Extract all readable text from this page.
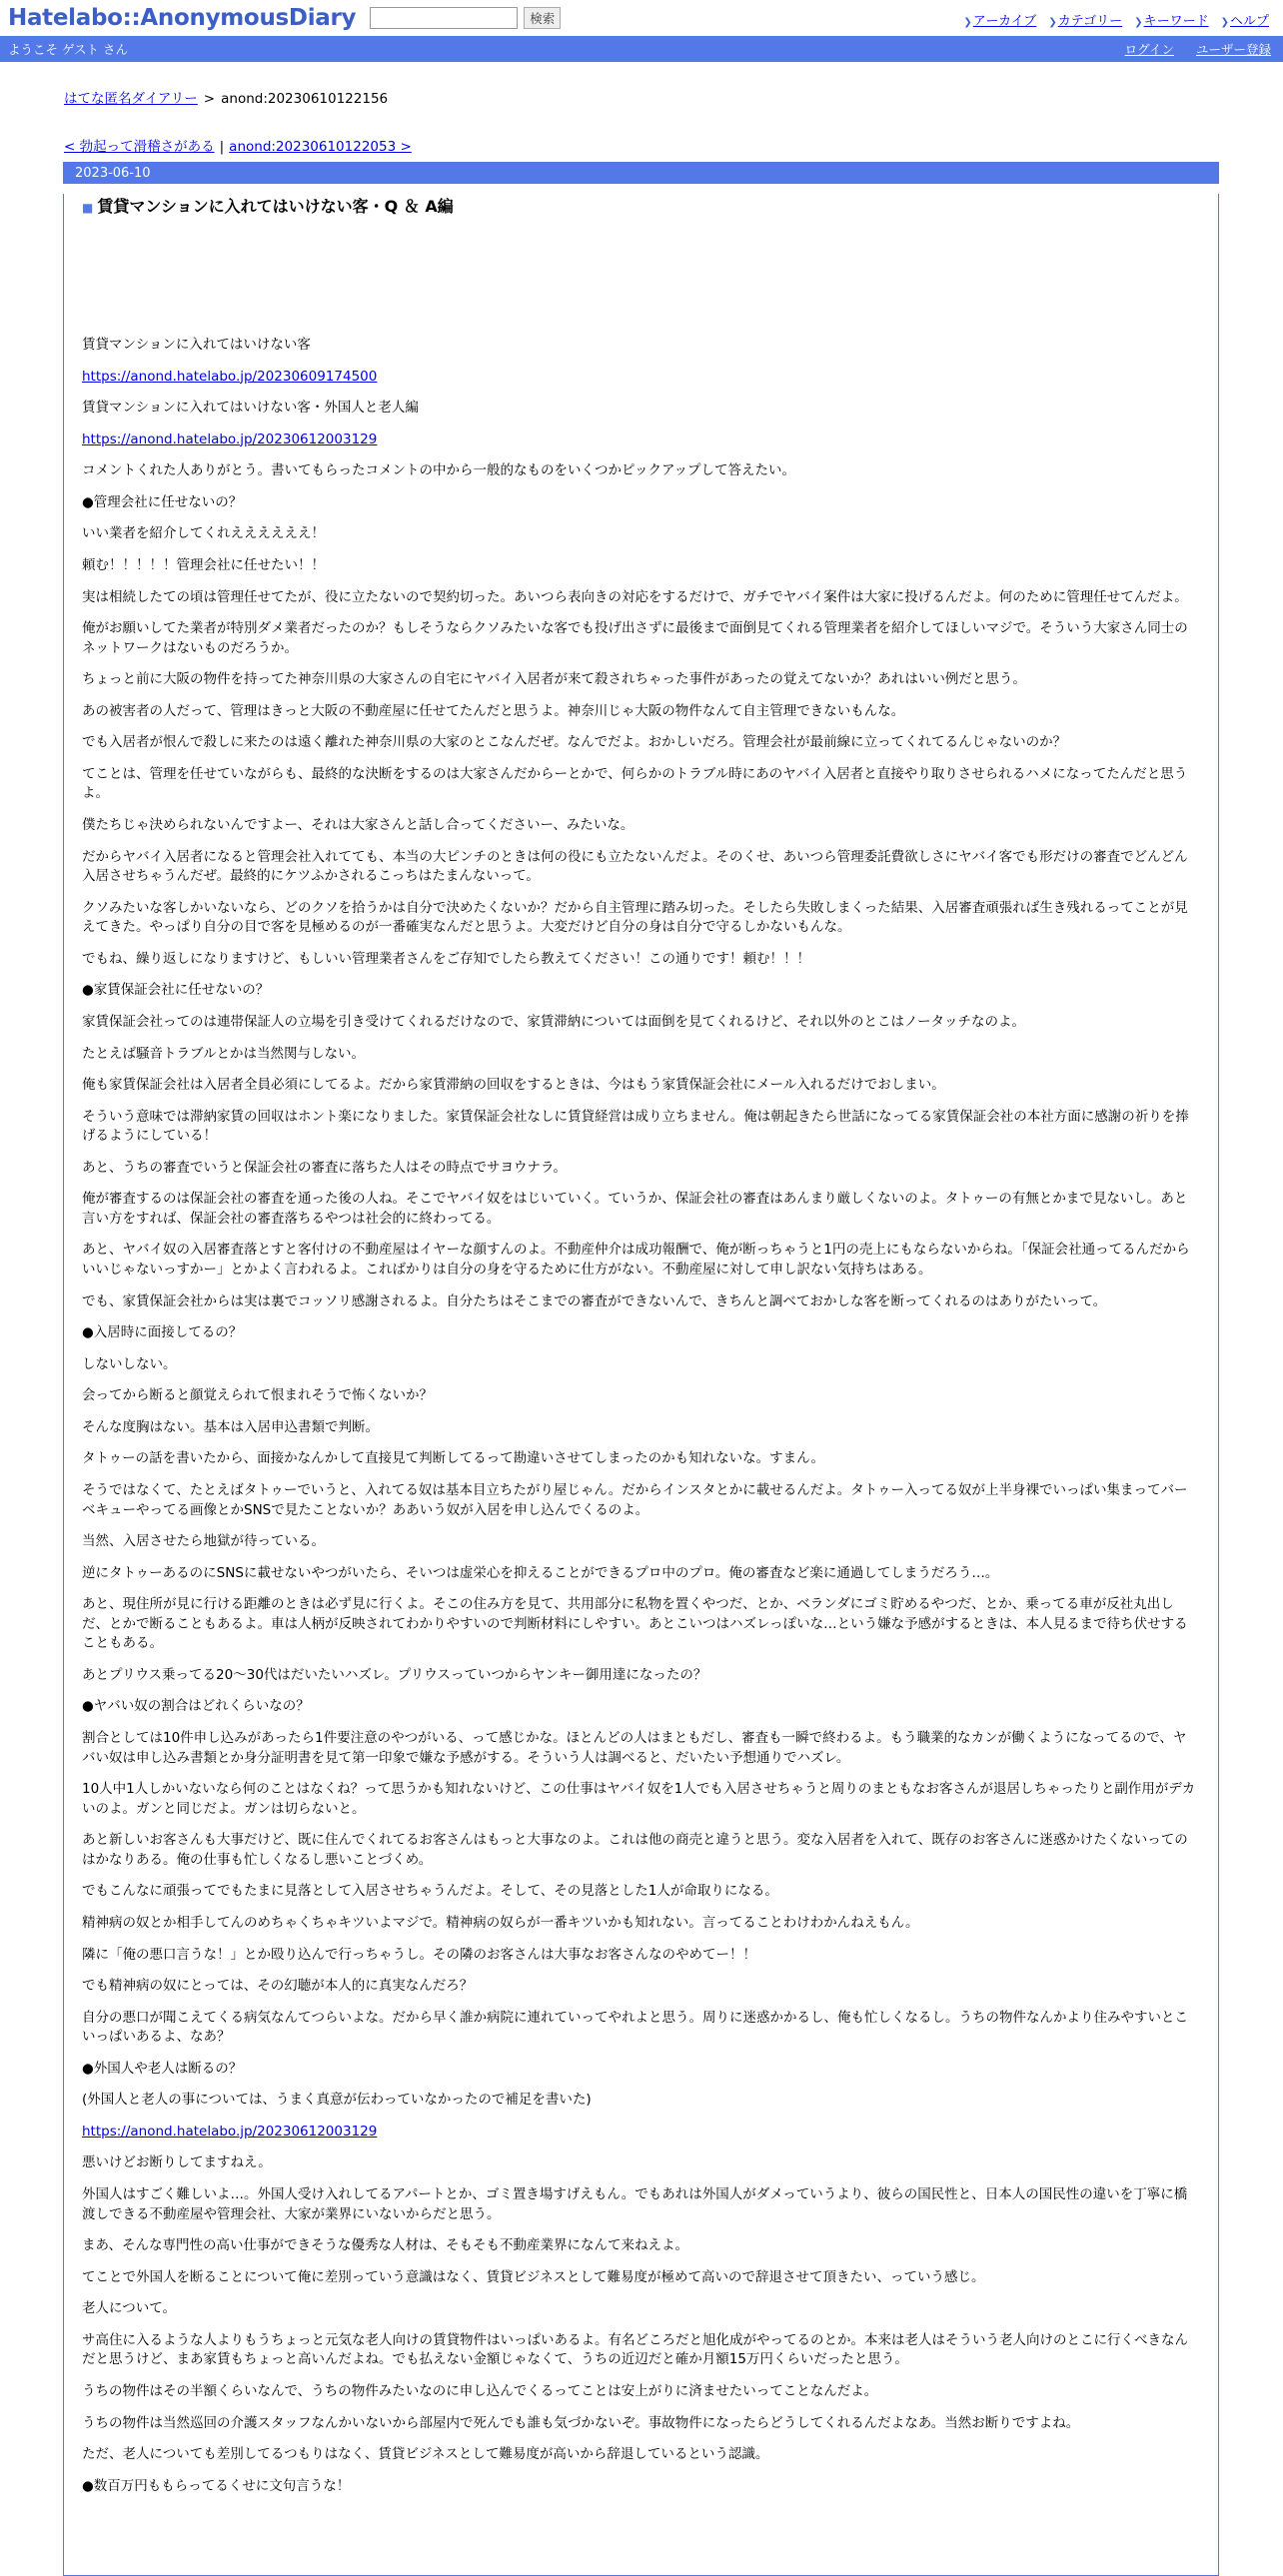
Hatelabo::AnonymousDiary	検索	❯アーカイブ ❯カテゴリー ❯キーワード ❯ヘルプ
ようこそ ゲスト さん	ログイン ユーザー登録
はてな匿名ダイアリー > anond:20230610122156
< 勃起って滑稽さがある | anond:20230610122053 >
2023-06-10
■ 賃貸マンションに入れてはいけない客・Q ＆ A編

賃貸マンションに入れてはいけない客

https://anond.hatelabo.jp/20230609174500

賃貸マンションに入れてはいけない客・外国人と老人編

https://anond.hatelabo.jp/20230612003129

コメントくれた人ありがとう。書いてもらったコメントの中から一般的なものをいくつかピックアップして答えたい。

●管理会社に任せないの？

いい業者を紹介してくれええええええ！

頼む！！！！！管理会社に任せたい！！

実は相続したての頃は管理任せてたが、役に立たないので契約切った。あいつら表向きの対応をするだけで、ガチでヤバイ案件は大家に投げるんだよ。何のために管理任せてんだよ。

俺がお願いしてた業者が特別ダメ業者だったのか？もしそうならクソみたいな客でも投げ出さずに最後まで面倒見てくれる管理業者を紹介してほしいマジで。そういう大家さん同士のネットワークはないものだろうか。

ちょっと前に大阪の物件を持ってた神奈川県の大家さんの自宅にヤバイ入居者が来て殺されちゃった事件があったの覚えてないか？あれはいい例だと思う。

あの被害者の人だって、管理はきっと大阪の不動産屋に任せてたんだと思うよ。神奈川じゃ大阪の物件なんて自主管理できないもんな。

でも入居者が恨んで殺しに来たのは遠く離れた神奈川県の大家のとこなんだぜ。なんでだよ。おかしいだろ。管理会社が最前線に立ってくれてるんじゃないのか？

てことは、管理を任せていながらも、最終的な決断をするのは大家さんだからーとかで、何らかのトラブル時にあのヤバイ入居者と直接やり取りさせられるハメになってたんだと思うよ。

僕たちじゃ決められないんですよー、それは大家さんと話し合ってくださいー、みたいな。

だからヤバイ入居者になると管理会社入れてても、本当の大ピンチのときは何の役にも立たないんだよ。そのくせ、あいつら管理委託費欲しさにヤバイ客でも形だけの審査でどんどん入居させちゃうんだぜ。最終的にケツふかされるこっちはたまんないって。

クソみたいな客しかいないなら、どのクソを拾うかは自分で決めたくないか？だから自主管理に踏み切った。そしたら失敗しまくった結果、入居審査頑張れば生き残れるってことが見えてきた。やっぱり自分の目で客を見極めるのが一番確実なんだと思うよ。大変だけど自分の身は自分で守るしかないもんな。

でもね、繰り返しになりますけど、もしいい管理業者さんをご存知でしたら教えてください！この通りです！頼む！！！

●家賃保証会社に任せないの？

家賃保証会社ってのは連帯保証人の立場を引き受けてくれるだけなので、家賃滞納については面倒を見てくれるけど、それ以外のとこはノータッチなのよ。

たとえば騒音トラブルとかは当然関与しない。

俺も家賃保証会社は入居者全員必須にしてるよ。だから家賃滞納の回収をするときは、今はもう家賃保証会社にメール入れるだけでおしまい。

そういう意味では滞納家賃の回収はホント楽になりました。家賃保証会社なしに賃貸経営は成り立ちません。俺は朝起きたら世話になってる家賃保証会社の本社方面に感謝の祈りを捧げるようにしている！

あと、うちの審査でいうと保証会社の審査に落ちた人はその時点でサヨウナラ。

俺が審査するのは保証会社の審査を通った後の人ね。そこでヤバイ奴をはじいていく。ていうか、保証会社の審査はあんまり厳しくないのよ。タトゥーの有無とかまで見ないし。あと言い方をすれば、保証会社の審査落ちるやつは社会的に終わってる。

あと、ヤバイ奴の入居審査落とすと客付けの不動産屋はイヤーな顔すんのよ。不動産仲介は成功報酬で、俺が断っちゃうと1円の売上にもならないからね。「保証会社通ってるんだからいいじゃないっすかー」とかよく言われるよ。こればかりは自分の身を守るために仕方がない。不動産屋に対して申し訳ない気持ちはある。

でも、家賃保証会社からは実は裏でコッソリ感謝されるよ。自分たちはそこまでの審査ができないんで、きちんと調べておかしな客を断ってくれるのはありがたいって。

●入居時に面接してるの？

しないしない。

会ってから断ると顔覚えられて恨まれそうで怖くないか？

そんな度胸はない。基本は入居申込書類で判断。

タトゥーの話を書いたから、面接かなんかして直接見て判断してるって勘違いさせてしまったのかも知れないな。すまん。

そうではなくて、たとえばタトゥーでいうと、入れてる奴は基本目立ちたがり屋じゃん。だからインスタとかに載せるんだよ。タトゥー入ってる奴が上半身裸でいっぱい集まってバーベキューやってる画像とかSNSで見たことないか？ああいう奴が入居を申し込んでくるのよ。

当然、入居させたら地獄が待っている。

逆にタトゥーあるのにSNSに載せないやつがいたら、そいつは虚栄心を抑えることができるプロ中のプロ。俺の審査など楽に通過してしまうだろう…。

あと、現住所が見に行ける距離のときは必ず見に行くよ。そこの住み方を見て、共用部分に私物を置くやつだ、とか、ベランダにゴミ貯めるやつだ、とか、乗ってる車が反社丸出しだ、とかで断ることもあるよ。車は人柄が反映されてわかりやすいので判断材料にしやすい。あとこいつはハズレっぽいな…という嫌な予感がするときは、本人見るまで待ち伏せすることもある。

あとプリウス乗ってる20～30代はだいたいハズレ。プリウスっていつからヤンキー御用達になったの？

●ヤバい奴の割合はどれくらいなの？

割合としては10件申し込みがあったら1件要注意のやつがいる、って感じかな。ほとんどの人はまともだし、審査も一瞬で終わるよ。もう職業的なカンが働くようになってるので、ヤバい奴は申し込み書類とか身分証明書を見て第一印象で嫌な予感がする。そういう人は調べると、だいたい予想通りでハズレ。

10人中1人しかいないなら何のことはなくね？って思うかも知れないけど、この仕事はヤバイ奴を1人でも入居させちゃうと周りのまともなお客さんが退居しちゃったりと副作用がデカいのよ。ガンと同じだよ。ガンは切らないと。

あと新しいお客さんも大事だけど、既に住んでくれてるお客さんはもっと大事なのよ。これは他の商売と違うと思う。変な入居者を入れて、既存のお客さんに迷惑かけたくないってのはかなりある。俺の仕事も忙しくなるし悪いことづくめ。

でもこんなに頑張ってでもたまに見落として入居させちゃうんだよ。そして、その見落とした1人が命取りになる。

精神病の奴とか相手してんのめちゃくちゃキツいよマジで。精神病の奴らが一番キツいかも知れない。言ってることわけわかんねえもん。

隣に「俺の悪口言うな！」とか殴り込んで行っちゃうし。その隣のお客さんは大事なお客さんなのやめてー！！

でも精神病の奴にとっては、その幻聴が本人的に真実なんだろ？

自分の悪口が聞こえてくる病気なんてつらいよな。だから早く誰か病院に連れていってやれよと思う。周りに迷惑かかるし、俺も忙しくなるし。うちの物件なんかより住みやすいとこいっぱいあるよ、なあ？

●外国人や老人は断るの？

(外国人と老人の事については、うまく真意が伝わっていなかったので補足を書いた)

https://anond.hatelabo.jp/20230612003129

悪いけどお断りしてますねえ。

外国人はすごく難しいよ…。外国人受け入れしてるアパートとか、ゴミ置き場すげえもん。でもあれは外国人がダメっていうより、彼らの国民性と、日本人の国民性の違いを丁寧に橋渡しできる不動産屋や管理会社、大家が業界にいないからだと思う。

まあ、そんな専門性の高い仕事ができそうな優秀な人材は、そもそも不動産業界になんて来ねえよ。

てことで外国人を断ることについて俺に差別っていう意識はなく、賃貸ビジネスとして難易度が極めて高いので辞退させて頂きたい、っていう感じ。

老人について。

サ高住に入るような人よりもうちょっと元気な老人向けの賃貸物件はいっぱいあるよ。有名どころだと旭化成がやってるのとか。本来は老人はそういう老人向けのとこに行くべきなんだと思うけど、まあ家賃もちょっと高いんだよね。でも払えない金額じゃなくて、うちの近辺だと確か月額15万円くらいだったと思う。

うちの物件はその半額くらいなんで、うちの物件みたいなのに申し込んでくるってことは安上がりに済ませたいってことなんだよ。

うちの物件は当然巡回の介護スタッフなんかいないから部屋内で死んでも誰も気づかないぞ。事故物件になったらどうしてくれるんだよなあ。当然お断りですよね。

ただ、老人についても差別してるつもりはなく、賃貸ビジネスとして難易度が高いから辞退しているという認識。

●数百万円ももらってるくせに文句言うな！
